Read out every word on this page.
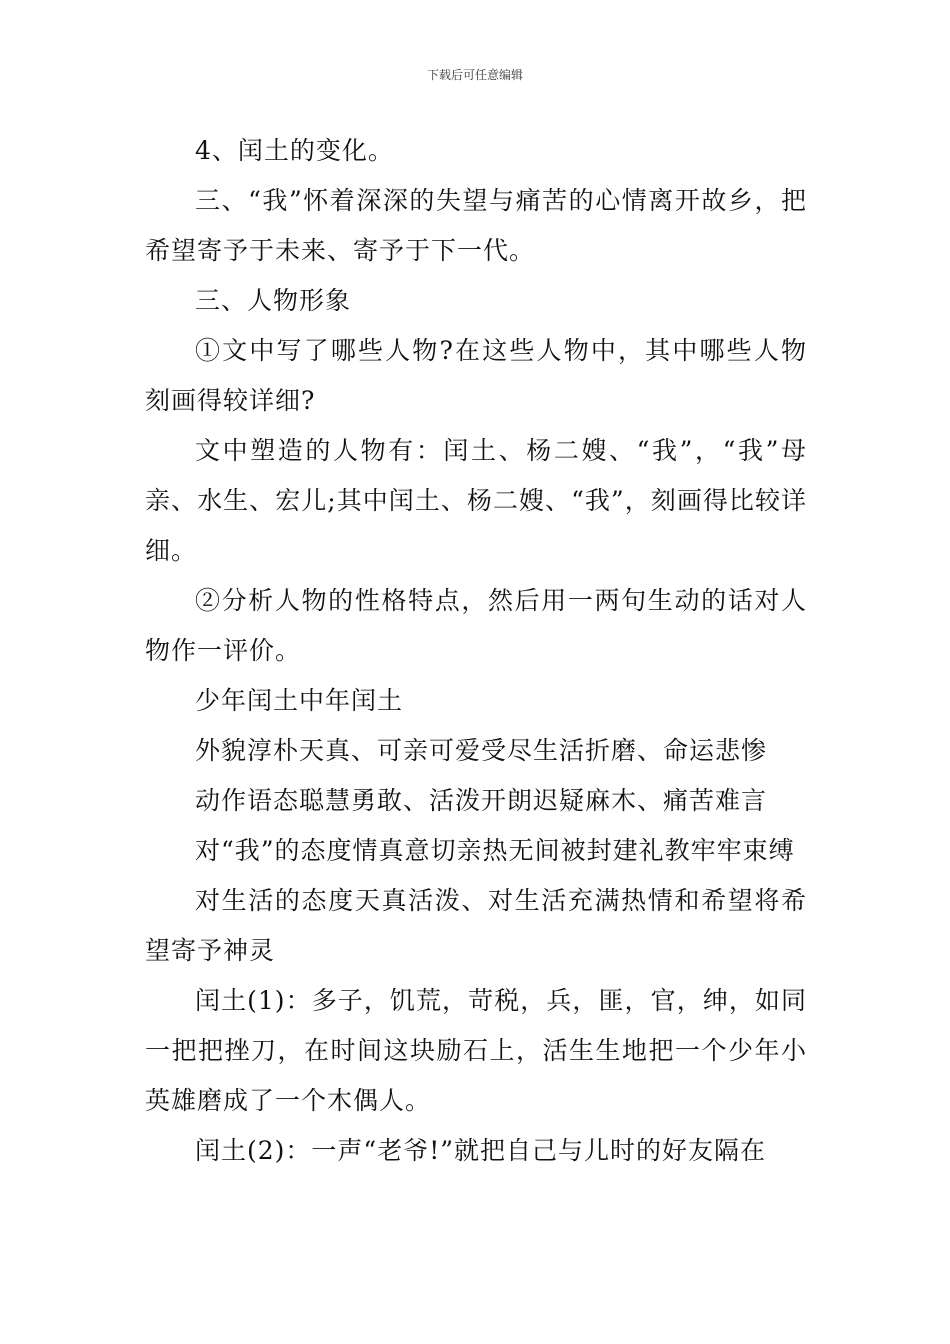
下载后可任意编辑

4、闰土的变化。

三、“我”怀着深深的失望与痛苦的心情离开故乡，把希望寄予于未来、寄予于下一代。

三、人物形象

①文中写了哪些人物?在这些人物中，其中哪些人物刻画得较详细?

文中塑造的人物有：闰土、杨二嫂、“我”，“我”母亲、水生、宏儿;其中闰土、杨二嫂、“我”，刻画得比较详细。

②分析人物的性格特点，然后用一两句生动的话对人物作一评价。

少年闰土中年闰土

外貌淳朴天真、可亲可爱受尽生活折磨、命运悲惨

动作语态聪慧勇敢、活泼开朗迟疑麻木、痛苦难言

对“我”的态度情真意切亲热无间被封建礼教牢牢束缚

对生活的态度天真活泼、对生活充满热情和希望将希望寄予神灵

闰土(1)：多子，饥荒，苛税，兵，匪，官，绅，如同一把把挫刀，在时间这块励石上，活生生地把一个少年小英雄磨成了一个木偶人。

闰土(2)：一声“老爷!”就把自己与儿时的好友隔在
